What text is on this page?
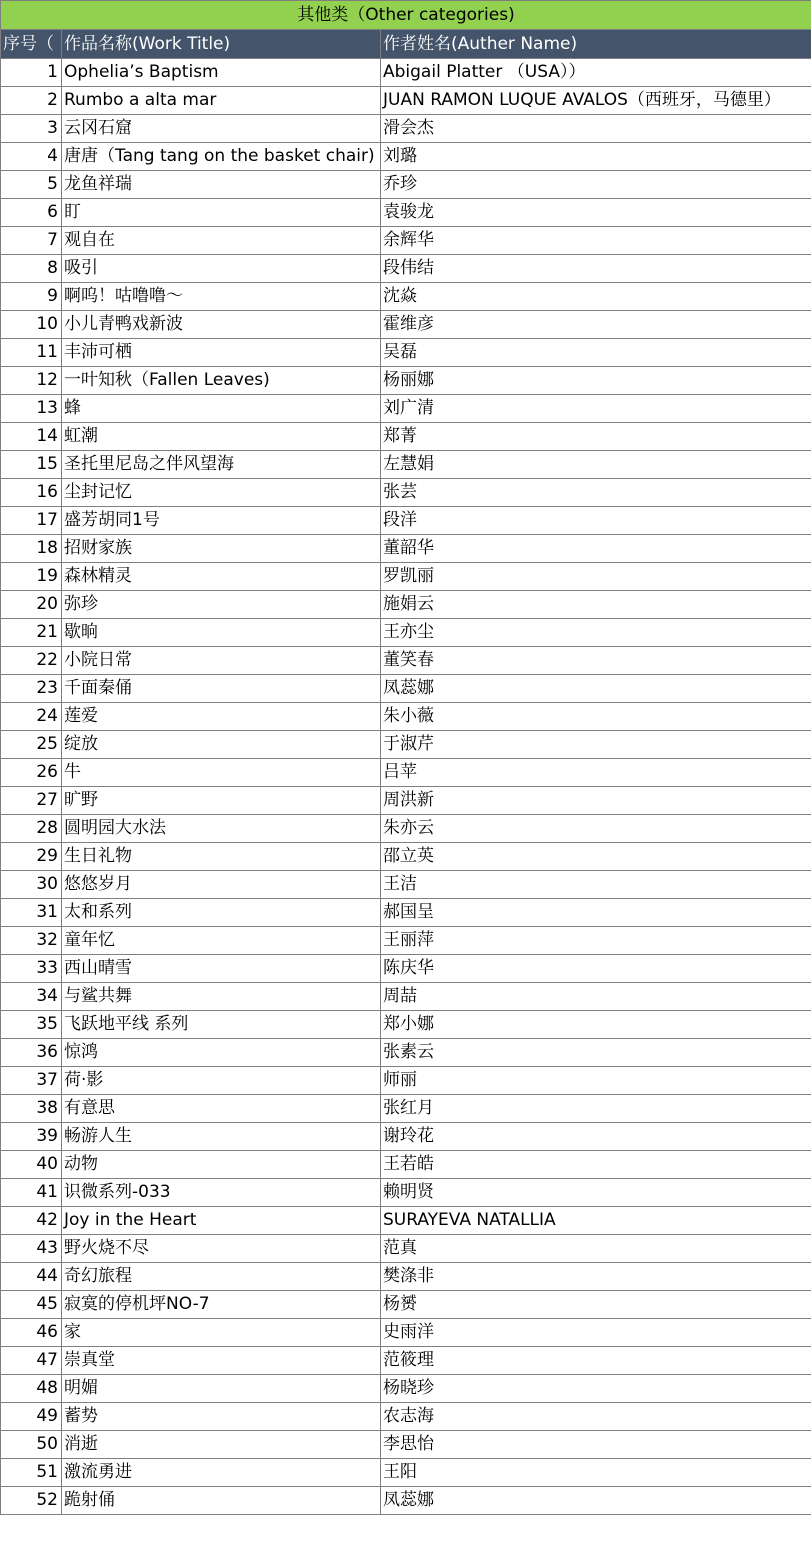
其他类（Other categories)		
序号（	作品名称(Work Title)	作者姓名(Auther Name)
1	Ophelia’s Baptism	Abigail Platter （USA））
2	Rumbo a alta mar	JUAN RAMON LUQUE AVALOS（西班牙，马德里）
3	云冈石窟	滑会杰
4	唐唐（Tang tang on the basket chair)	刘璐
5	龙鱼祥瑞	乔珍
6	盯	袁骏龙
7	观自在	余辉华
8	吸引	段伟结
9	啊呜！咕噜噜～	沈焱
10	小儿青鸭戏新波	霍维彦
11	丰沛可栖	吴磊
12	一叶知秋（Fallen Leaves)	杨丽娜
13	蜂	刘广清
14	虹潮	郑菁
15	圣托里尼岛之伴风望海	左慧娟
16	尘封记忆	张芸
17	盛芳胡同1号	段洋
18	招财家族	董韶华
19	森林精灵	罗凯丽
20	弥珍	施娟云
21	歇晌	王亦尘
22	小院日常	董笑春
23	千面秦俑	凤蕊娜
24	莲爱	朱小薇
25	绽放	于淑芹
26	牛	吕苹
27	旷野	周洪新
28	圆明园大水法	朱亦云
29	生日礼物	邵立英
30	悠悠岁月	王洁
31	太和系列	郝国呈
32	童年忆	王丽萍
33	西山晴雪	陈庆华
34	与鲨共舞	周喆
35	飞跃地平线 系列	郑小娜
36	惊鸿	张素云
37	荷·影	师丽
38	有意思	张红月
39	畅游人生	谢玲花
40	动物	王若皓
41	识微系列-033	赖明贤
42	Joy in the Heart	SURAYEVA NATALLIA
43	野火烧不尽	范真
44	奇幻旅程	樊涤非
45	寂寞的停机坪NO-7	杨赟
46	家	史雨洋
47	崇真堂	范筱理
48	明媚	杨晓珍
49	蓄势	农志海
50	消逝	李思怡
51	激流勇进	王阳
52	跪射俑	凤蕊娜
